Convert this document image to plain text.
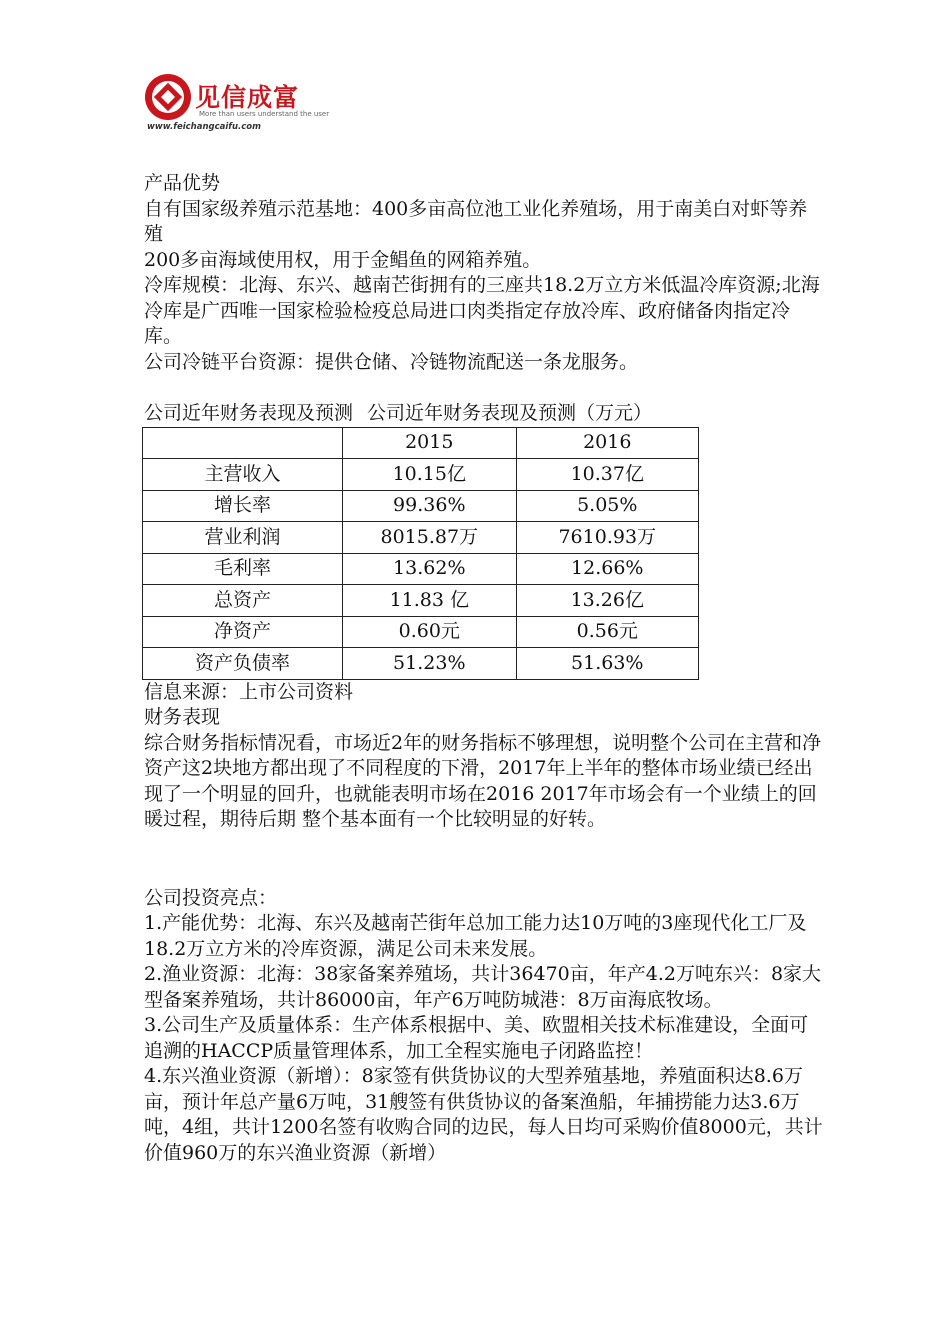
见信成富
More than users understand the user
www.feichangcaifu.com

产品优势

自有国家级养殖示范基地：400多亩高位池工业化养殖场，用于南美白对虾等养殖

200多亩海域使用权，用于金鲳鱼的网箱养殖。

冷库规模：北海、东兴、越南芒街拥有的三座共18.2万立方米低温冷库资源;北海冷库是广西唯一国家检验检疫总局进口肉类指定存放冷库、政府储备肉指定冷库。

公司冷链平台资源：提供仓储、冷链物流配送一条龙服务。

公司近年财务表现及预测 公司近年财务表现及预测（万元）

	2015	2016
主营收入	10.15亿	10.37亿
增长率	99.36%	5.05%
营业利润	8015.87万	7610.93万
毛利率	13.62%	12.66%
总资产	11.83 亿	13.26亿
净资产	0.60元	0.56元
资产负债率	51.23%	51.63%

信息来源：上市公司资料

财务表现

综合财务指标情况看，市场近2年的财务指标不够理想，说明整个公司在主营和净资产这2块地方都出现了不同程度的下滑，2017年上半年的整体市场业绩已经出现了一个明显的回升，也就能表明市场在2016 2017年市场会有一个业绩上的回暖过程，期待后期 整个基本面有一个比较明显的好转。

公司投资亮点：

1.产能优势：北海、东兴及越南芒街年总加工能力达10万吨的3座现代化工厂及18.2万立方米的冷库资源，满足公司未来发展。

2.渔业资源：北海：38家备案养殖场，共计36470亩，年产4.2万吨东兴：8家大型备案养殖场，共计86000亩，年产6万吨防城港：8万亩海底牧场。

3.公司生产及质量体系：生产体系根据中、美、欧盟相关技术标准建设，全面可追溯的HACCP质量管理体系，加工全程实施电子闭路监控！

4.东兴渔业资源（新增）：8家签有供货协议的大型养殖基地，养殖面积达8.6万亩，预计年总产量6万吨，31艘签有供货协议的备案渔船，年捕捞能力达3.6万吨，4组，共计1200名签有收购合同的边民，每人日均可采购价值8000元，共计价值960万的东兴渔业资源（新增）
